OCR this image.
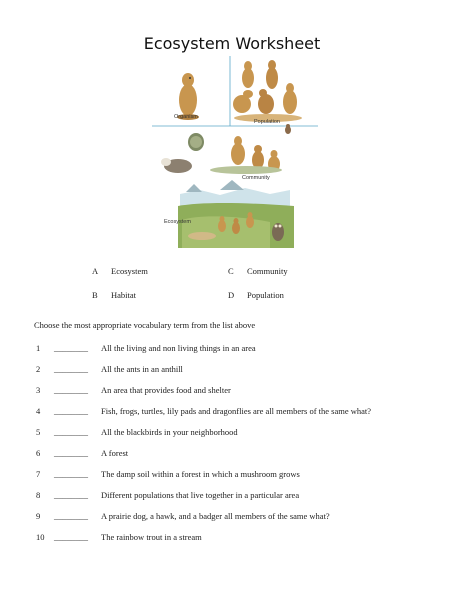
Ecosystem Worksheet
Organism
Population
Community
Ecosystem
A Ecosystem	C Community
B Habitat	D Population
Choose the most appropriate vocabulary term from the list above
1	________ All the living and non living things in an area
2	________ All the ants in an anthill
3	________ An area that provides food and shelter
4	________ Fish, frogs, turtles, lily pads and dragonflies are all members of the same what?
5	________ All the blackbirds in your neighborhood
6	________ A forest
7	________ The damp soil within a forest in which a mushroom grows
8	________ Different populations that live together in a particular area
9	________ A prairie dog, a hawk, and a badger all members of the same what?
10	________ The rainbow trout in a stream
